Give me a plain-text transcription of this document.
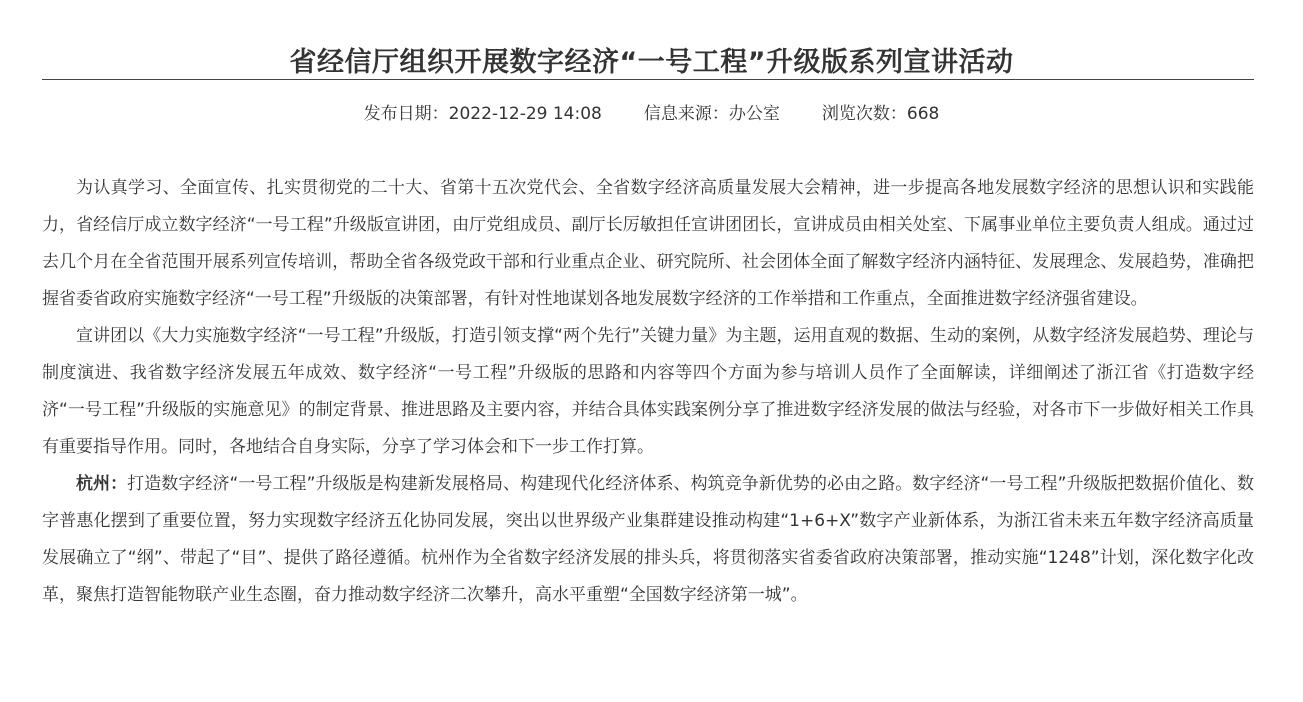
省经信厅组织开展数字经济“一号工程”升级版系列宣讲活动
发布日期：2022-12-29 14:08 信息来源：办公室 浏览次数：668

为认真学习、全面宣传、扎实贯彻党的二十大、省第十五次党代会、全省数字经济高质量发展大会精神，进一步提高各地发展数字经济的思想认识和实践能力，省经信厅成立数字经济“一号工程”升级版宣讲团，由厅党组成员、副厅长厉敏担任宣讲团团长，宣讲成员由相关处室、下属事业单位主要负责人组成。通过过去几个月在全省范围开展系列宣传培训，帮助全省各级党政干部和行业重点企业、研究院所、社会团体全面了解数字经济内涵特征、发展理念、发展趋势，准确把握省委省政府实施数字经济“一号工程”升级版的决策部署，有针对性地谋划各地发展数字经济的工作举措和工作重点，全面推进数字经济强省建设。

宣讲团以《大力实施数字经济“一号工程”升级版，打造引领支撑“两个先行”关键力量》为主题，运用直观的数据、生动的案例，从数字经济发展趋势、理论与制度演进、我省数字经济发展五年成效、数字经济“一号工程”升级版的思路和内容等四个方面为参与培训人员作了全面解读，详细阐述了浙江省《打造数字经济“一号工程”升级版的实施意见》的制定背景、推进思路及主要内容，并结合具体实践案例分享了推进数字经济发展的做法与经验，对各市下一步做好相关工作具有重要指导作用。同时，各地结合自身实际，分享了学习体会和下一步工作打算。

杭州：打造数字经济“一号工程”升级版是构建新发展格局、构建现代化经济体系、构筑竞争新优势的必由之路。数字经济“一号工程”升级版把数据价值化、数字普惠化摆到了重要位置，努力实现数字经济五化协同发展，突出以世界级产业集群建设推动构建“1+6+X”数字产业新体系，为浙江省未来五年数字经济高质量发展确立了“纲”、带起了“目”、提供了路径遵循。杭州作为全省数字经济发展的排头兵，将贯彻落实省委省政府决策部署，推动实施“1248”计划，深化数字化改革，聚焦打造智能物联产业生态圈，奋力推动数字经济二次攀升，高水平重塑“全国数字经济第一城”。
